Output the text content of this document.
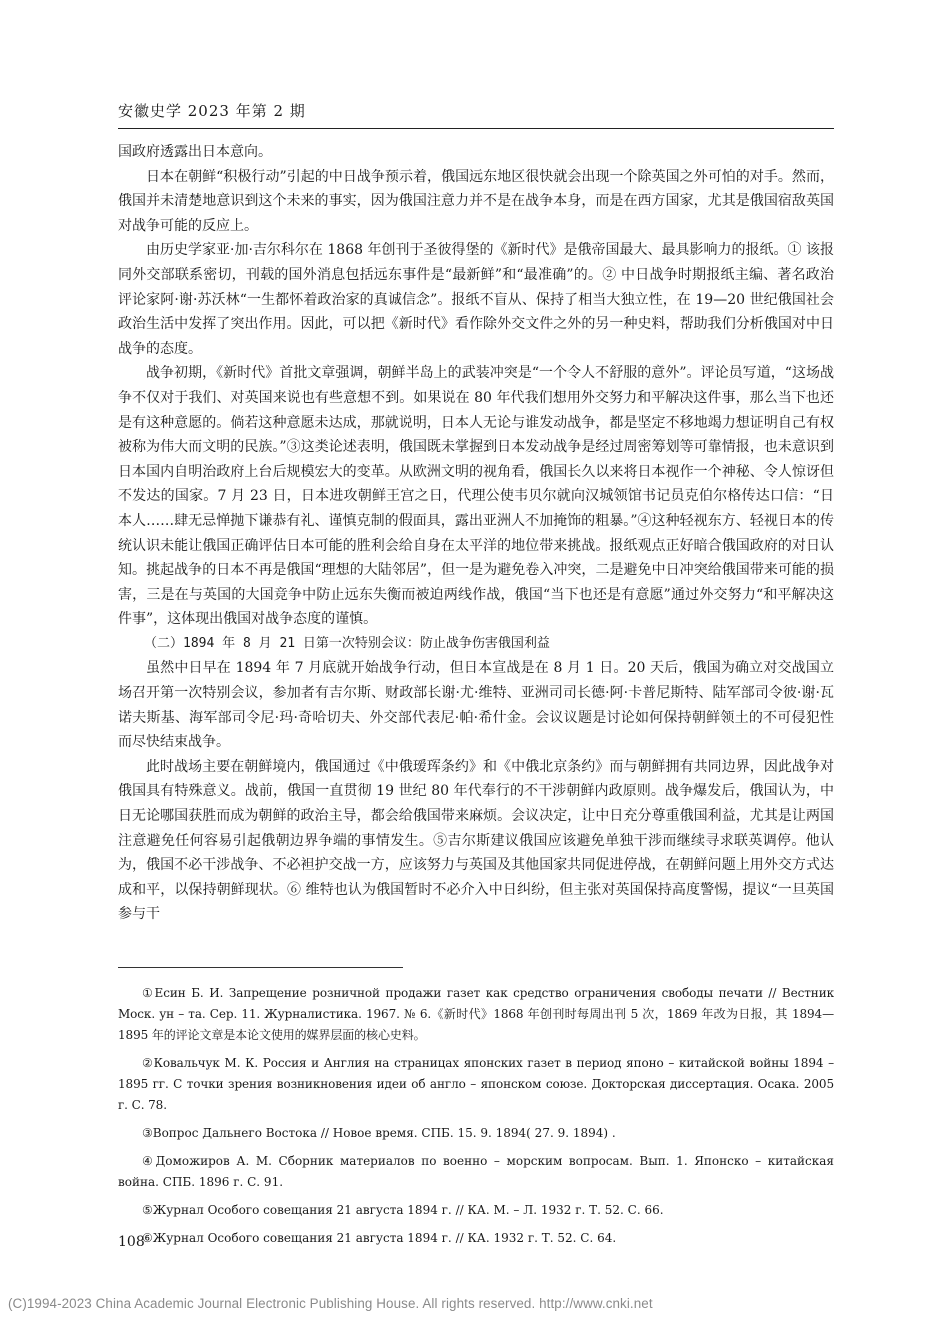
安徽史学 2023 年第 2 期

国政府透露出日本意向。

日本在朝鲜“积极行动”引起的中日战争预示着，俄国远东地区很快就会出现一个除英国之外可怕的对手。然而，俄国并未清楚地意识到这个未来的事实，因为俄国注意力并不是在战争本身，而是在西方国家，尤其是俄国宿敌英国对战争可能的反应上。

由历史学家亚·加·吉尔科尔在 1868 年创刊于圣彼得堡的《新时代》是俄帝国最大、最具影响力的报纸。① 该报同外交部联系密切，刊载的国外消息包括远东事件是“最新鲜”和“最准确”的。② 中日战争时期报纸主编、著名政治评论家阿·谢·苏沃林“一生都怀着政治家的真诚信念”。报纸不盲从、保持了相当大独立性，在 19—20 世纪俄国社会政治生活中发挥了突出作用。因此，可以把《新时代》看作除外交文件之外的另一种史料，帮助我们分析俄国对中日战争的态度。

战争初期，《新时代》首批文章强调，朝鲜半岛上的武装冲突是“一个令人不舒服的意外”。评论员写道，“这场战争不仅对于我们、对英国来说也有些意想不到。如果说在 80 年代我们想用外交努力和平解决这件事，那么当下也还是有这种意愿的。倘若这种意愿未达成，那就说明，日本人无论与谁发动战争，都是坚定不移地竭力想证明自己有权被称为伟大而文明的民族。”③这类论述表明，俄国既未掌握到日本发动战争是经过周密筹划等可靠情报，也未意识到日本国内自明治政府上台后规模宏大的变革。从欧洲文明的视角看，俄国长久以来将日本视作一个神秘、令人惊讶但不发达的国家。7 月 23 日，日本进攻朝鲜王宫之日，代理公使韦贝尔就向汉城领馆书记员克伯尔格传达口信：“日本人……肆无忌惮抛下谦恭有礼、谨慎克制的假面具，露出亚洲人不加掩饰的粗暴。”④这种轻视东方、轻视日本的传统认识未能让俄国正确评估日本可能的胜利会给自身在太平洋的地位带来挑战。报纸观点正好暗合俄国政府的对日认知。挑起战争的日本不再是俄国“理想的大陆邻居”，但一是为避免卷入冲突，二是避免中日冲突给俄国带来可能的损害，三是在与英国的大国竞争中防止远东失衡而被迫两线作战，俄国“当下也还是有意愿”通过外交努力“和平解决这件事”，这体现出俄国对战争态度的谨慎。

（二）1894 年 8 月 21 日第一次特别会议：防止战争伤害俄国利益

虽然中日早在 1894 年 7 月底就开始战争行动，但日本宣战是在 8 月 1 日。20 天后，俄国为确立对交战国立场召开第一次特别会议，参加者有吉尔斯、财政部长谢·尤·维特、亚洲司司长德·阿·卡普尼斯特、陆军部司令彼·谢·瓦诺夫斯基、海军部司令尼·玛·奇哈切夫、外交部代表尼·帕·希什金。会议议题是讨论如何保持朝鲜领土的不可侵犯性而尽快结束战争。

此时战场主要在朝鲜境内，俄国通过《中俄瑷珲条约》和《中俄北京条约》而与朝鲜拥有共同边界，因此战争对俄国具有特殊意义。战前，俄国一直贯彻 19 世纪 80 年代奉行的不干涉朝鲜内政原则。战争爆发后，俄国认为，中日无论哪国获胜而成为朝鲜的政治主导，都会给俄国带来麻烦。会议决定，让中日充分尊重俄国利益，尤其是让两国注意避免任何容易引起俄朝边界争端的事情发生。⑤吉尔斯建议俄国应该避免单独干涉而继续寻求联英调停。他认为，俄国不必干涉战争、不必袒护交战一方，应该努力与英国及其他国家共同促进停战，在朝鲜问题上用外交方式达成和平，以保持朝鲜现状。⑥ 维特也认为俄国暂时不必介入中日纠纷，但主张对英国保持高度警惕，提议“一旦英国参与干

①Есин Б. И. Запрещение розничной продажи газет как средство ограничения свободы печати // Вестник Моск. ун – та. Сер. 11. Журналистика. 1967. № 6.《新时代》1868 年创刊时每周出刊 5 次，1869 年改为日报，其 1894—1895 年的评论文章是本论文使用的媒界层面的核心史料。

②Ковальчук М. К. Россия и Англия на страницах японских газет в период японо – китайской войны 1894 – 1895 гг. С точки зрения возникновения идеи об англо – японском союзе. Докторская диссертация. Осака. 2005 г. С. 78.

③Вопрос Дальнего Востока // Новое время. СПБ. 15. 9. 1894( 27. 9. 1894) .

④Доможиров А. М. Сборник материалов по военно – морским вопросам. Вып. 1. Японско – китайская война. СПБ. 1896 г. С. 91.

⑤Журнал Особого совещания 21 августа 1894 г. // КА. М. – Л. 1932 г. Т. 52. С. 66.

⑥Журнал Особого совещания 21 августа 1894 г. // КА. 1932 г. Т. 52. С. 64.

108
(C)1994-2023 China Academic Journal Electronic Publishing House. All rights reserved. http://www.cnki.net
